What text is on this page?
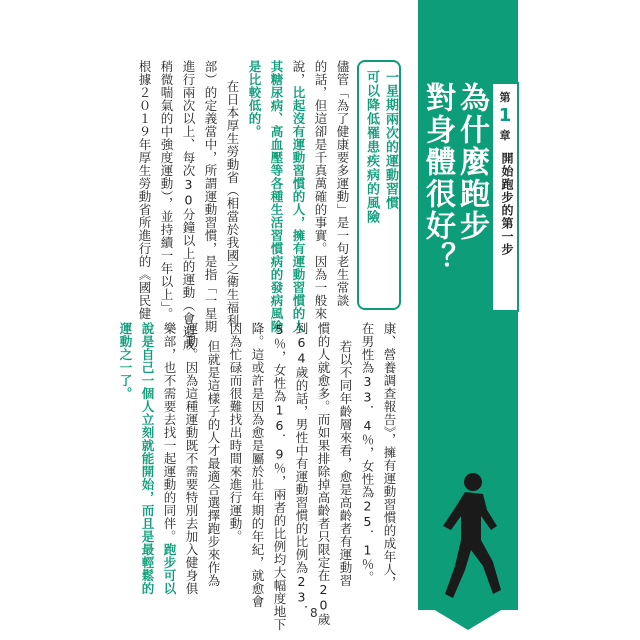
第
1
章
開始跑步的第一步
為什麼跑步
對身體很好？
一星期兩次的運動習慣
可以降低罹患疾病的風險
儘管「為了健康要多運動」是一句老生常談
的話，但這卻是千真萬確的事實。因為一般來
說，比起沒有運動習慣的人，擁有運動習慣的人
其糖尿病、高血壓等各種生活習慣病的發病風險
是比較低的。
在日本厚生勞動省（相當於我國之衛生福利
部）的定義當中，所謂運動習慣，是指「一星期
進行兩次以上、每次30分鐘以上的運動（會造成
稍微喘氣的中強度運動），並持續一年以上」。
根據２０１９年厚生勞動省所進行的《國民健
康、營養調查報告》，擁有運動習慣的成年人，
在男性為33．4％，女性為25．1％。
若以不同年齡層來看，愈是高齡者有運動習
慣的人就愈多。而如果排除掉高齡者只限定在20歲
到64歲的話，男性中有運動習慣的比例為23．
5％，女性為16．9％，兩者的比例均大幅度地下
降。這或許是因為愈是屬於壯年期的年紀，就愈會
因為忙碌而很難找出時間來進行運動。
但就是這樣子的人才最適合選擇跑步來作為
運動。因為這種運動既不需要特別去加入健身俱
樂部，也不需要去找一起運動的同伴。跑步可以
說是自己一個人立刻就能開始，而且是最輕鬆的
運動之一了。
8
